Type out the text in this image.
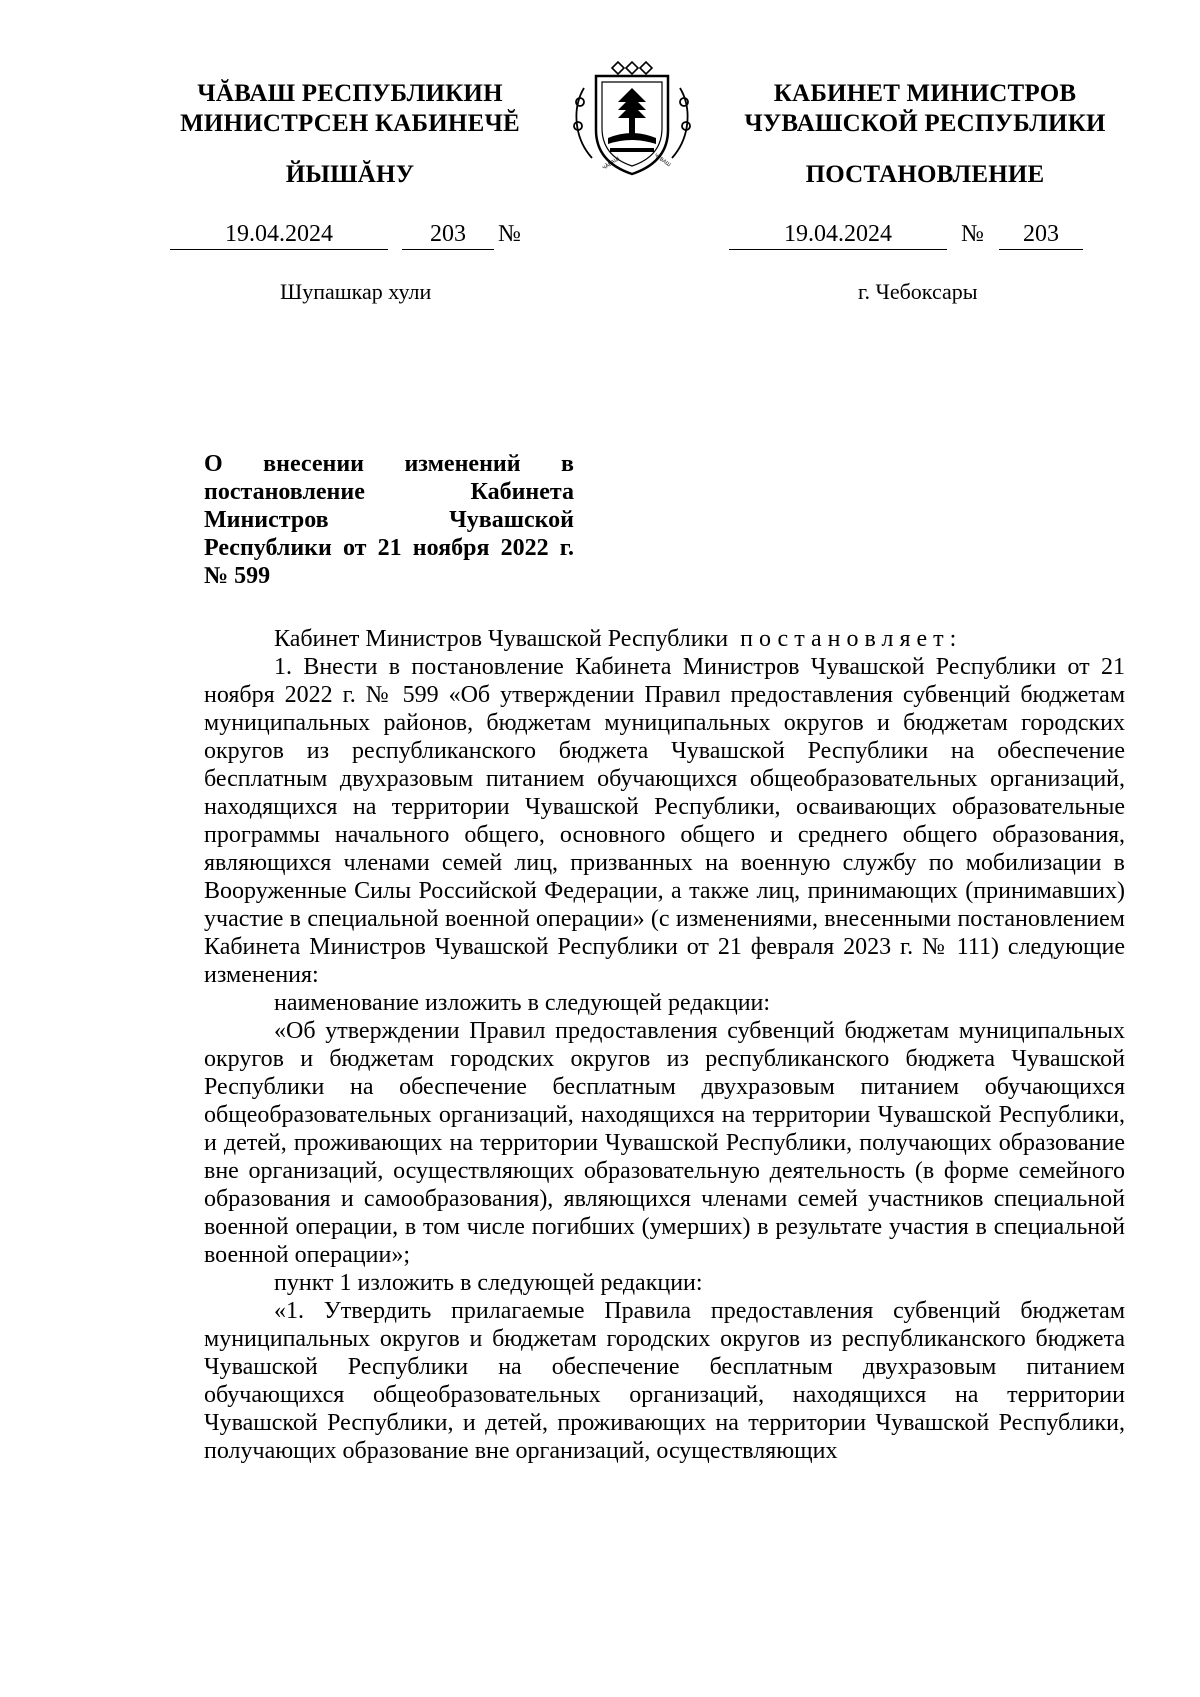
ЧĂВАШ РЕСПУБЛИКИН
МИНИСТРСЕН КАБИНЕЧĔ
ЙЫШĂНУ
КАБИНЕТ МИНИСТРОВ
ЧУВАШСКОЙ РЕСПУБЛИКИ
ПОСТАНОВЛЕНИЕ
ЧĂВАШ	ЧУВАШ
19.04.2024	203	№	19.04.2024	№	203
Шупашкар хули	г. Чебоксары
О внесении изменений в постановление Кабинета Министров Чувашской Республики от 21 ноября 2022 г. № 599

Кабинет Министров Чувашской Республики постановляет:

1. Внести в постановление Кабинета Министров Чувашской Республики от 21 ноября 2022 г. № 599 «Об утверждении Правил предоставления субвенций бюджетам муниципальных районов, бюджетам муниципальных округов и бюджетам городских округов из республиканского бюджета Чувашской Республики на обеспечение бесплатным двухразовым питанием обучающихся общеобразовательных организаций, находящихся на территории Чувашской Республики, осваивающих образовательные программы начального общего, основного общего и среднего общего образования, являющихся членами семей лиц, призванных на военную службу по мобилизации в Вооруженные Силы Российской Федерации, а также лиц, принимающих (принимавших) участие в специальной военной операции» (с изменениями, внесенными постановлением Кабинета Министров Чувашской Республики от 21 февраля 2023 г. № 111) следующие изменения:

наименование изложить в следующей редакции:

«Об утверждении Правил предоставления субвенций бюджетам муниципальных округов и бюджетам городских округов из республиканского бюджета Чувашской Республики на обеспечение бесплатным двухразовым питанием обучающихся общеобразовательных организаций, находящихся на территории Чувашской Республики, и детей, проживающих на территории Чувашской Республики, получающих образование вне организаций, осуществляющих образовательную деятельность (в форме семейного образования и самообразования), являющихся членами семей участников специальной военной операции, в том числе погибших (умерших) в результате участия в специальной военной операции»;

пункт 1 изложить в следующей редакции:

«1. Утвердить прилагаемые Правила предоставления субвенций бюджетам муниципальных округов и бюджетам городских округов из республиканского бюджета Чувашской Республики на обеспечение бесплатным двухразовым питанием обучающихся общеобразовательных организаций, находящихся на территории Чувашской Республики, и детей, проживающих на территории Чувашской Республики, получающих образование вне организаций, осуществляющих
